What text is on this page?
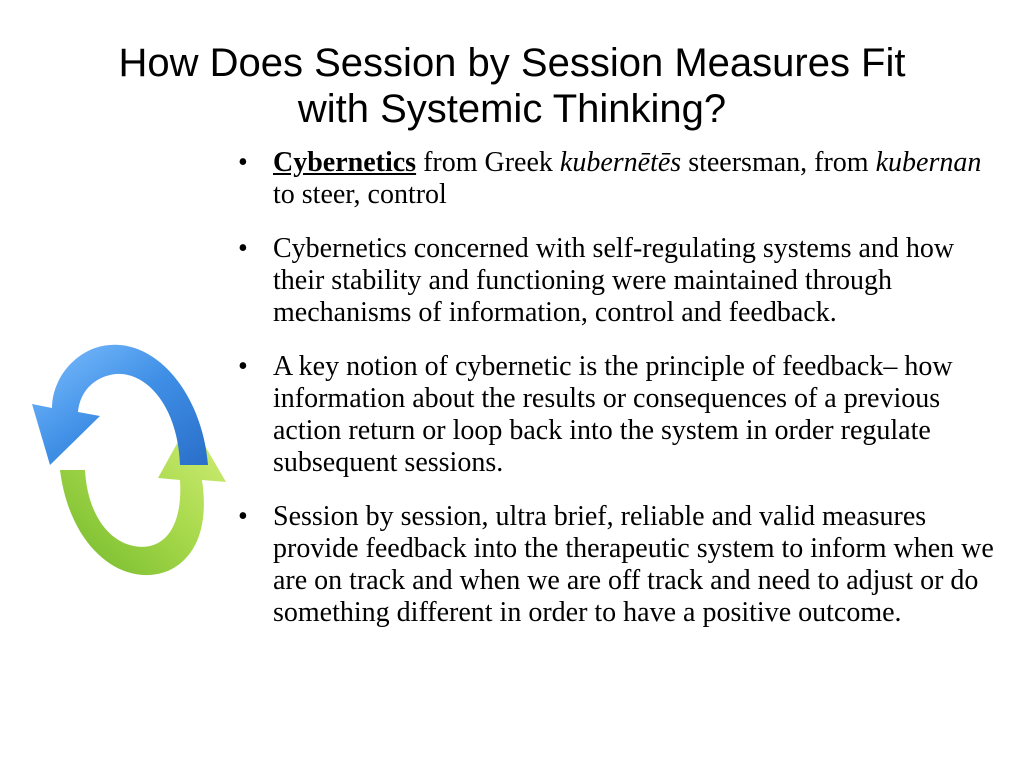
How Does Session by Session Measures Fit
with Systemic Thinking?
• Cybernetics from Greek kubernētēs steersman, from kubernan to steer, control
• Cybernetics concerned with self-regulating systems and how their stability and functioning were maintained through mechanisms of information, control and feedback.
• A key notion of cybernetic is the principle of feedback– how information about the results or consequences of a previous action return or loop back into the system in order regulate subsequent sessions.
• Session by session, ultra brief, reliable and valid measures provide feedback into the therapeutic system to inform when we are on track and when we are off track and need to adjust or do something different in order to have a positive outcome.
